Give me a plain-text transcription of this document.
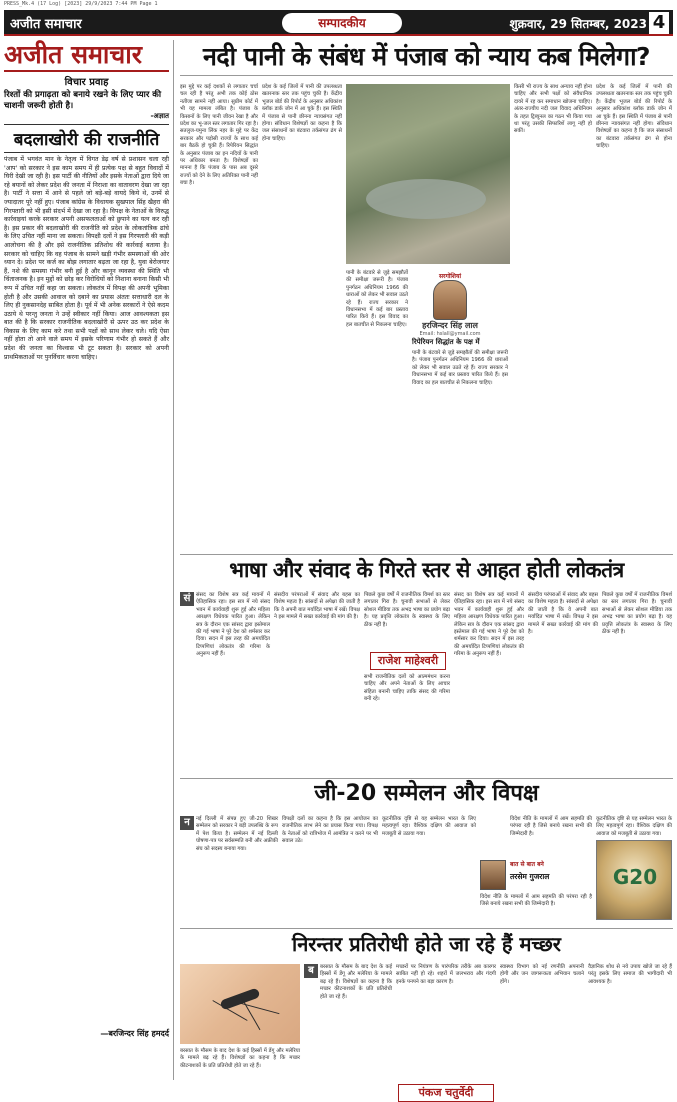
PRESS_Mk.4 (17 Log) [2023] 29/9/2023 7:44 PM Page 1
अजीत समाचार	सम्पादकीय	शुक्रवार, 29 सितम्बर, 2023 4
अजीत समाचार
विचार प्रवाह
रिश्तों की प्रगाढ़ता को बनाये रखने के लिए प्यार की चाशनी जरूरी होती है।
-अज्ञात
बदलाखोरी की राजनीति
पंजाब में भगवंत मान के नेतृत्व में विगत डेढ़ वर्ष से प्रशासन चला रही 'आप' को सरकार ने इस काम समय में ही प्रत्येक पक्ष से बहुत विवादों में घिरी देखी जा रही है। इस पार्टी की नीतियों और इसके नेताओं द्वारा दिये जा रहे बयानों को लेकर प्रदेश की जनता में निराशा का वातावरण देखा जा रहा है। पार्टी ने सत्ता में आने से पहले जो बड़े-बड़े वायदे किये थे, उनमें से ज्यादातर पूरे नहीं हुए। पंजाब कांग्रेस के विधायक सुखपाल सिंह खैहरा की गिरफ्तारी को भी इसी संदर्भ में देखा जा रहा है। विपक्ष के नेताओं के विरुद्ध कार्रवाइयां करके सरकार अपनी असफलताओं को छुपाने का यत्न कर रही है। इस प्रकार की बदलाखोरी की राजनीति को प्रदेश के लोकतांत्रिक ढांचे के लिए उचित नहीं माना जा सकता। विपक्षी दलों ने इस गिरफ्तारी की कड़ी आलोचना की है और इसे राजनीतिक प्रतिशोध की कार्रवाई बताया है। सरकार को चाहिए कि वह पंजाब के सामने खड़ी गंभीर समस्याओं की ओर ध्यान दे। प्रदेश पर कर्ज का बोझ लगातार बढ़ता जा रहा है, युवा बेरोजगार हैं, नशे की समस्या गंभीर बनी हुई है और कानून व्यवस्था की स्थिति भी चिंताजनक है। इन मुद्दों को छोड़ कर विरोधियों को निशाना बनाना किसी भी रूप में उचित नहीं कहा जा सकता। लोकतंत्र में विपक्ष की अपनी भूमिका होती है और उसकी आवाज को दबाने का प्रयास अंततः सत्ताधारी दल के लिए ही नुकसानदेह साबित होता है। पूर्व में भी अनेक सरकारों ने ऐसे कदम उठाये थे परन्तु जनता ने उन्हें स्वीकार नहीं किया। आज आवश्यकता इस बात की है कि सरकार राजनीतिक बदलाखोरी से ऊपर उठ कर प्रदेश के विकास के लिए काम करे तथा सभी पक्षों को साथ लेकर चले। यदि ऐसा नहीं होता तो आने वाले समय में इसके परिणाम गंभीर हो सकते हैं और प्रदेश की जनता का विश्वास भी टूट सकता है। सरकार को अपनी प्राथमिकताओं पर पुनर्विचार करना चाहिए।
—बरजिन्दर सिंह हमदर्द
नदी पानी के संबंध में पंजाब को न्याय कब मिलेगा?
इस मुद्दे पर कई दशकों से लगातार चर्चा चल रही है परंतु अभी तक कोई ठोस नतीजा सामने नहीं आया। सुप्रीम कोर्ट में भी यह मामला लंबित है। पंजाब के किसानों के लिए पानी जीवन रेखा है और प्रदेश का भू-जल स्तर लगातार गिर रहा है। सतलुज-यमुना लिंक नहर के मुद्दे पर केंद्र सरकार और पड़ोसी राज्यों के साथ कई बार बैठकें हो चुकी हैं। रिपेरियन सिद्धांत के अनुसार पंजाब का इन नदियों के पानी पर अधिकार बनता है। विशेषज्ञों का मानना है कि पंजाब के पास अब दूसरे राज्यों को देने के लिए अतिरिक्त पानी नहीं बचा है।
प्रदेश के कई जिलों में पानी की उपलब्धता खतरनाक स्तर तक पहुंच चुकी है। केंद्रीय भूजल बोर्ड की रिपोर्ट के अनुसार अधिकांश ब्लॉक डार्क जोन में आ चुके हैं। इस स्थिति में पंजाब से पानी छीनना न्यायसंगत नहीं होगा। संविधान विशेषज्ञों का कहना है कि जल संसाधनों का बंटवारा तर्कसंगत ढंग से होना चाहिए।
पानी के बंटवारे से जुड़े समझौतों की समीक्षा जरूरी है। पंजाब पुनर्गठन अधिनियम 1966 की धाराओं को लेकर भी सवाल उठते रहे हैं। राज्य सरकार ने विधानसभा में कई बार प्रस्ताव पारित किये हैं। इस विवाद का हल बातचीत से निकलना चाहिए।
सरगोशियां
हरजिन्दर सिंह लाल
Email: hslall@ymail.com
रिपेरियन सिद्धांत के पक्ष में
पानी के बंटवारे से जुड़े समझौतों की समीक्षा जरूरी है। पंजाब पुनर्गठन अधिनियम 1966 की धाराओं को लेकर भी सवाल उठते रहे हैं। राज्य सरकार ने विधानसभा में कई बार प्रस्ताव पारित किये हैं। इस विवाद का हल बातचीत से निकलना चाहिए।
किसी भी राज्य के साथ अन्याय नहीं होना चाहिए और सभी पक्षों को संवैधानिक दायरे में रह कर समाधान खोजना चाहिए। अंतर-राज्यीय नदी जल विवाद अधिनियम के तहत ट्रिब्यूनल का गठन भी किया गया था परंतु उसकी सिफारिशें लागू नहीं हो सकीं।
प्रदेश के कई जिलों में पानी की उपलब्धता खतरनाक स्तर तक पहुंच चुकी है। केंद्रीय भूजल बोर्ड की रिपोर्ट के अनुसार अधिकांश ब्लॉक डार्क जोन में आ चुके हैं। इस स्थिति में पंजाब से पानी छीनना न्यायसंगत नहीं होगा। संविधान विशेषज्ञों का कहना है कि जल संसाधनों का बंटवारा तर्कसंगत ढंग से होना चाहिए।
भाषा और संवाद के गिरते स्तर से आहत होती लोकतंत्र
सं	संसद का विशेष सत्र कई मायनों में ऐतिहासिक रहा। इस सत्र में नये संसद भवन में कार्यवाही शुरू हुई और महिला आरक्षण विधेयक पारित हुआ। लेकिन सत्र के दौरान एक सांसद द्वारा इस्तेमाल की गई भाषा ने पूरे देश को शर्मसार कर दिया। सदन में इस तरह की अमर्यादित टिप्पणियां लोकतंत्र की गरिमा के अनुरूप नहीं हैं।
संसदीय परंपराओं में संवाद और बहस का विशेष महत्व है। सांसदों से अपेक्षा की जाती है कि वे अपनी बात मर्यादित भाषा में रखें। विपक्ष ने इस मामले में सख्त कार्रवाई की मांग की है।
पिछले कुछ वर्षों में राजनीतिक विमर्श का स्तर लगातार गिरा है। चुनावी सभाओं से लेकर सोशल मीडिया तक अभद्र भाषा का प्रयोग बढ़ा है। यह प्रवृत्ति लोकतंत्र के स्वास्थ्य के लिए ठीक नहीं है।
राजेश माहेश्वरी
सभी राजनीतिक दलों को आत्ममंथन करना चाहिए और अपने नेताओं के लिए आचार संहिता बनानी चाहिए ताकि संसद की गरिमा बनी रहे।
संसद का विशेष सत्र कई मायनों में ऐतिहासिक रहा। इस सत्र में नये संसद भवन में कार्यवाही शुरू हुई और महिला आरक्षण विधेयक पारित हुआ। लेकिन सत्र के दौरान एक सांसद द्वारा इस्तेमाल की गई भाषा ने पूरे देश को शर्मसार कर दिया। सदन में इस तरह की अमर्यादित टिप्पणियां लोकतंत्र की गरिमा के अनुरूप नहीं हैं।
संसदीय परंपराओं में संवाद और बहस का विशेष महत्व है। सांसदों से अपेक्षा की जाती है कि वे अपनी बात मर्यादित भाषा में रखें। विपक्ष ने इस मामले में सख्त कार्रवाई की मांग की है।
पिछले कुछ वर्षों में राजनीतिक विमर्श का स्तर लगातार गिरा है। चुनावी सभाओं से लेकर सोशल मीडिया तक अभद्र भाषा का प्रयोग बढ़ा है। यह प्रवृत्ति लोकतंत्र के स्वास्थ्य के लिए ठीक नहीं है।
जी-20 सम्मेलन और विपक्ष
न	नई दिल्ली में संपन्न हुए जी-20 शिखर सम्मेलन को सरकार ने बड़ी उपलब्धि के रूप में पेश किया है। सम्मेलन में नई दिल्ली घोषणा-पत्र पर सर्वसम्मति बनी और अफ्रीकी संघ को सदस्य बनाया गया।
विपक्षी दलों का कहना है कि इस आयोजन का राजनीतिक लाभ लेने का प्रयास किया गया। विपक्ष के नेताओं को रात्रिभोज में आमंत्रित न करने पर भी सवाल उठे।
कूटनीतिक दृष्टि से यह सम्मेलन भारत के लिए महत्वपूर्ण रहा। वैश्विक दक्षिण की आवाज को मजबूती से उठाया गया।
बात से बात बने
तरसेम गुजराल
विदेश नीति के मामलों में आम सहमति की परंपरा रही है जिसे बनाये रखना सभी की जिम्मेदारी है।
विदेश नीति के मामलों में आम सहमति की परंपरा रही है जिसे बनाये रखना सभी की जिम्मेदारी है।
कूटनीतिक दृष्टि से यह सम्मेलन भारत के लिए महत्वपूर्ण रहा। वैश्विक दक्षिण की आवाज को मजबूती से उठाया गया।
G20
निरन्तर प्रतिरोधी होते जा रहे हैं मच्छर
बरसात के मौसम के बाद देश के कई हिस्सों में डेंगू और मलेरिया के मामले बढ़ रहे हैं। विशेषज्ञों का कहना है कि मच्छर कीटनाशकों के प्रति प्रतिरोधी होते जा रहे हैं।
ब	बरसात के मौसम के बाद देश के कई हिस्सों में डेंगू और मलेरिया के मामले बढ़ रहे हैं। विशेषज्ञों का कहना है कि मच्छर कीटनाशकों के प्रति प्रतिरोधी होते जा रहे हैं।
मच्छरों पर नियंत्रण के पारंपरिक तरीके अब कारगर साबित नहीं हो रहे। शहरों में जलभराव और गंदगी इनके पनपने का बड़ा कारण है।
पंकज चतुर्वेदी
स्वास्थ्य विभाग को नई रणनीति अपनानी होगी और जन जागरूकता अभियान चलाने होंगे।
वैज्ञानिक शोध से नये उपाय खोजे जा रहे हैं परंतु इसके लिए समाज की भागीदारी भी आवश्यक है।
